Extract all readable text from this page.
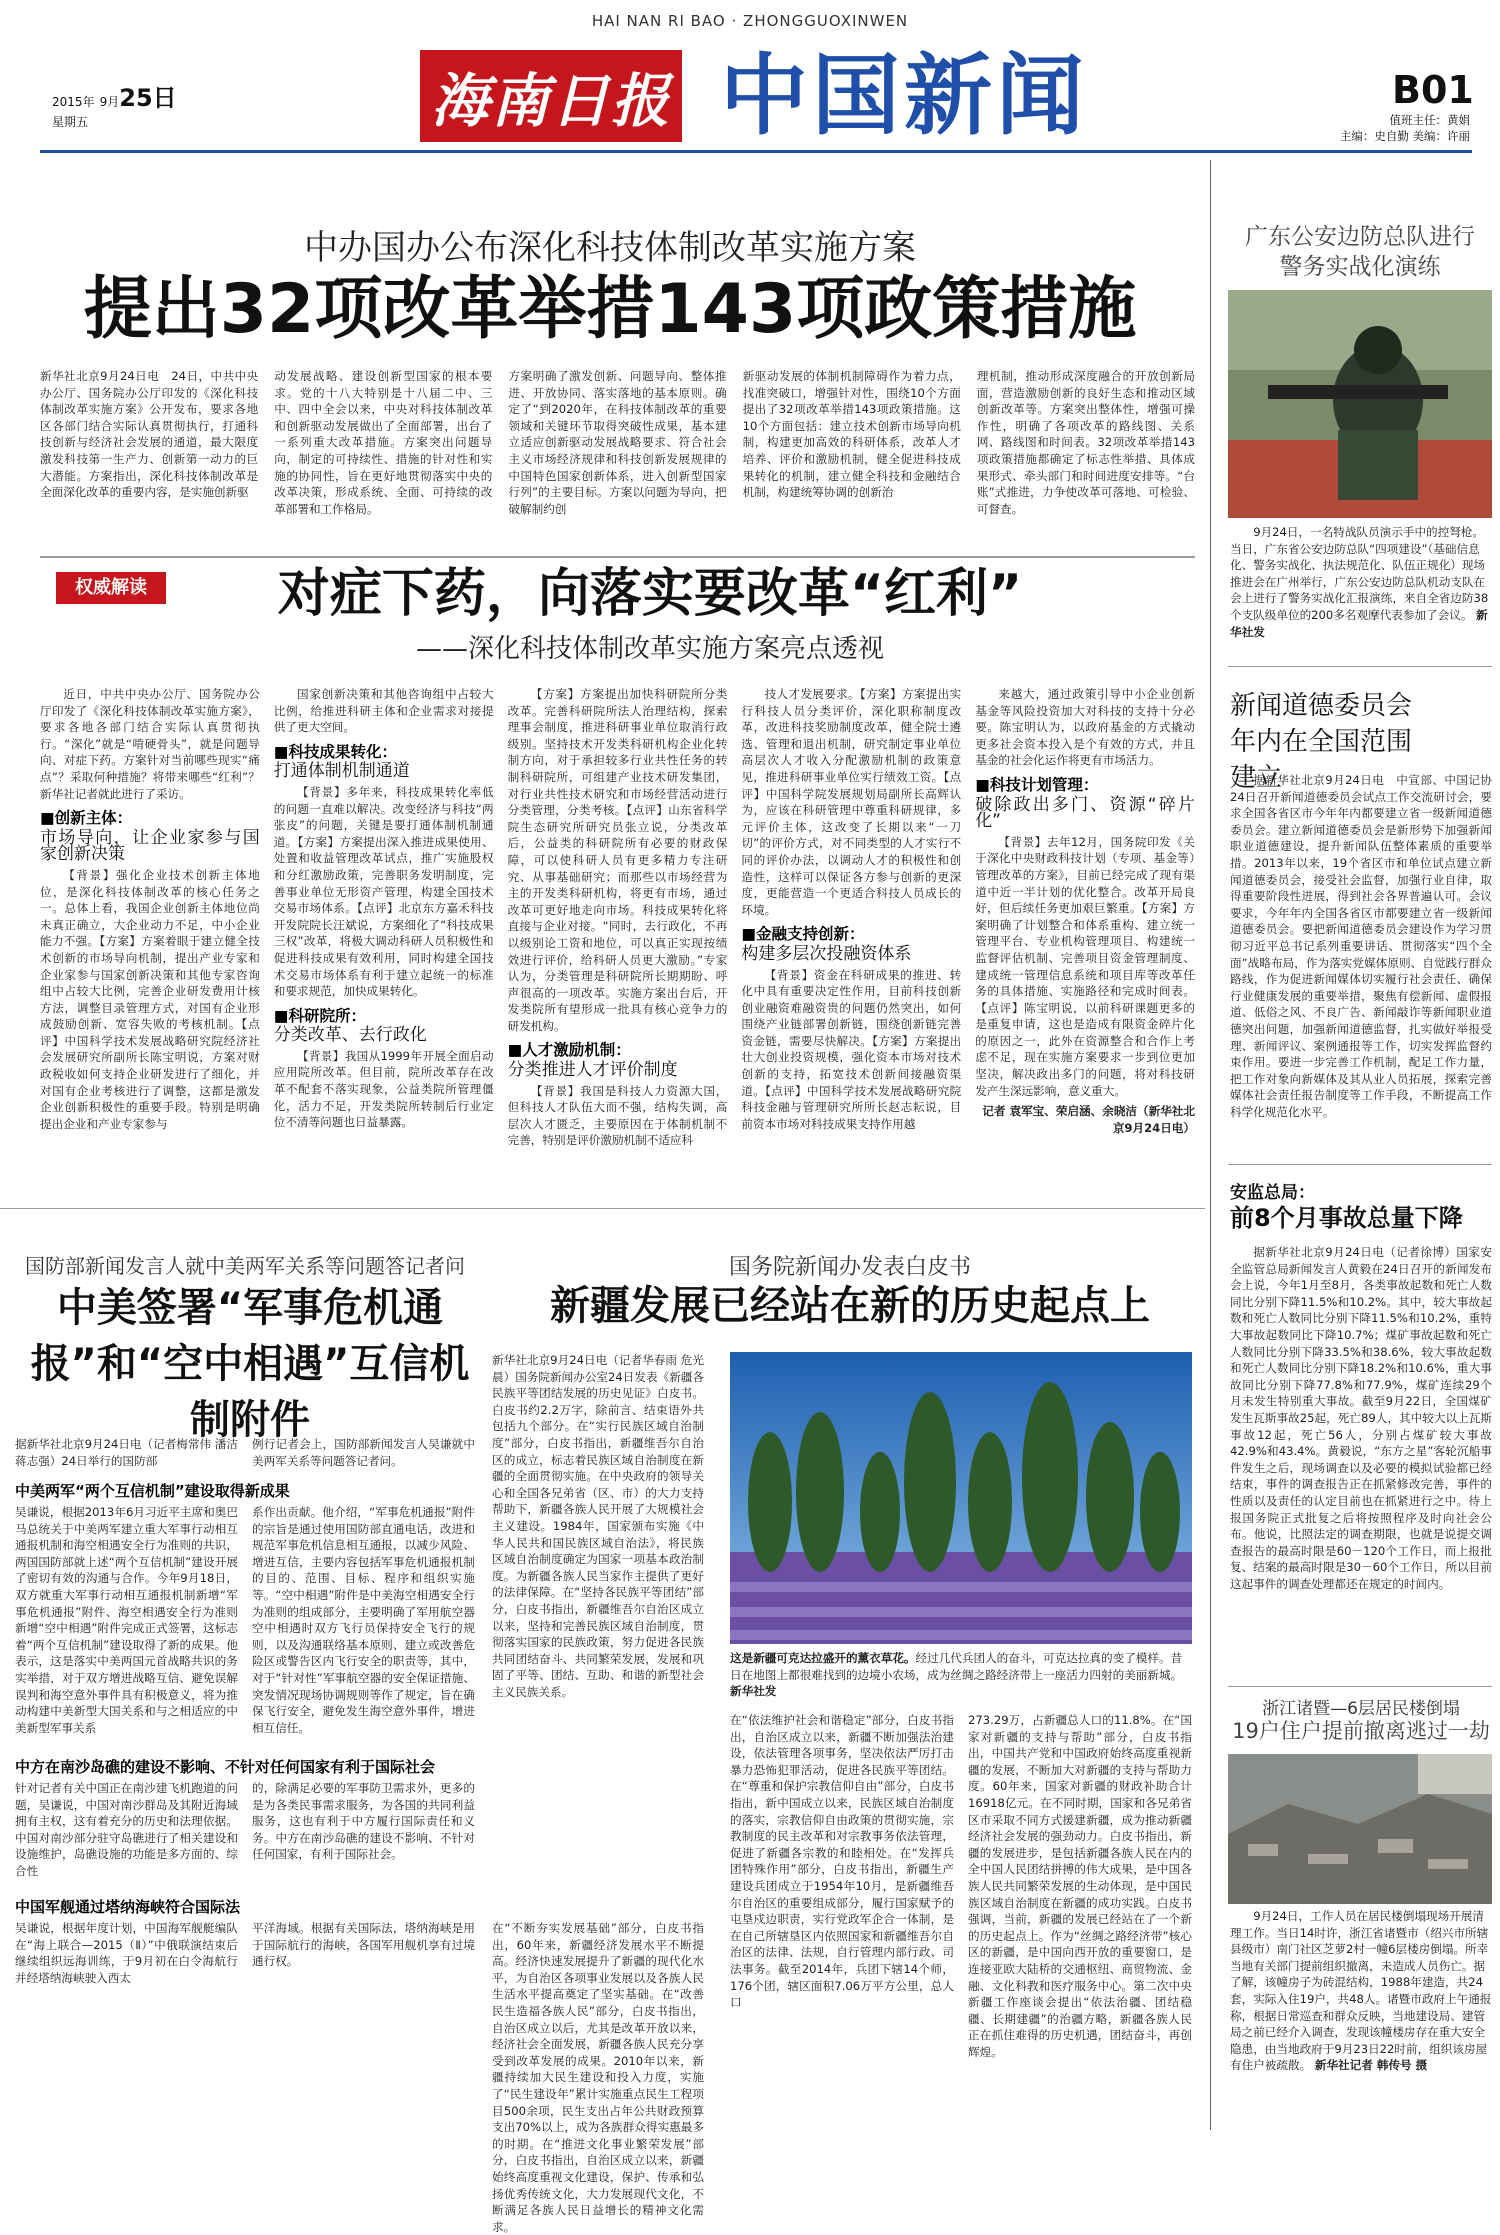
HAI NAN RI BAO · ZHONGGUOXINWEN
2015年 9月25日
星期五	海南日报 中国新闻	B01
值班主任：黄娟
主编：史自勤 美编：许丽
中办国办公布深化科技体制改革实施方案
提出32项改革举措143项政策措施
新华社北京9月24日电　24日，中共中央办公厅、国务院办公厅印发的《深化科技体制改革实施方案》公开发布，要求各地区各部门结合实际认真贯彻执行，打通科技创新与经济社会发展的通道，最大限度激发科技第一生产力、创新第一动力的巨大潜能。方案指出，深化科技体制改革是全面深化改革的重要内容，是实施创新驱
动发展战略、建设创新型国家的根本要求。党的十八大特别是十八届二中、三中、四中全会以来，中央对科技体制改革和创新驱动发展做出了全面部署，出台了一系列重大改革措施。方案突出问题导向，制定的可持续性、措施的针对性和实施的协同性，旨在更好地贯彻落实中央的改革决策，形成系统、全面、可持续的改革部署和工作格局。
方案明确了激发创新、问题导向、整体推进、开放协同、落实落地的基本原则。确定了“到2020年，在科技体制改革的重要领域和关键环节取得突破性成果，基本建立适应创新驱动发展战略要求、符合社会主义市场经济规律和科技创新发展规律的中国特色国家创新体系，进入创新型国家行列”的主要目标。方案以问题为导向，把破解制约创
新驱动发展的体制机制障碍作为着力点，找准突破口，增强针对性，围绕10个方面提出了32项改革举措143项政策措施。这10个方面包括：建立技术创新市场导向机制，构建更加高效的科研体系，改革人才培养、评价和激励机制，健全促进科技成果转化的机制，建立健全科技和金融结合机制，构建统筹协调的创新治
理机制，推动形成深度融合的开放创新局面，营造激励创新的良好生态和推动区域创新改革等。方案突出整体性，增强可操作性，明确了各项改革的路线图、关系网、路线图和时间表。32项改革举措143项政策措施都确定了标志性举措、具体成果形式、牵头部门和时间进度安排等。“台账”式推进，力争使改革可落地、可检验、可督查。
权威解读	对症下药，向落实要改革“红利”
——深化科技体制改革实施方案亮点透视

近日，中共中央办公厅、国务院办公厅印发了《深化科技体制改革实施方案》，要求各地各部门结合实际认真贯彻执行。“深化”就是“啃硬骨头”，就是问题导向、对症下药。方案针对当前哪些现实“痛点”？采取何种措施？将带来哪些“红利”？新华社记者就此进行了采访。

■创新主体：
市场导向，让企业家参与国家创新决策

【背景】强化企业技术创新主体地位，是深化科技体制改革的核心任务之一。总体上看，我国企业创新主体地位尚未真正确立，大企业动力不足，中小企业能力不强。【方案】方案着眼于建立健全技术创新的市场导向机制，提出产业专家和企业家参与国家创新决策和其他专家咨询组中占较大比例，完善企业研发费用计核方法，调整目录管理方式，对国有企业形成鼓励创新、宽容失败的考核机制。【点评】中国科学技术发展战略研究院经济社会发展研究所副所长陈宝明说，方案对财政税收如何支持企业研发进行了细化，并对国有企业考核进行了调整，这都是激发企业创新积极性的重要手段。特别是明确提出企业和产业专家参与

国家创新决策和其他咨询组中占较大比例，给推进科研主体和企业需求对接提供了更大空间。

■科技成果转化：
打通体制机制通道

【背景】多年来，科技成果转化率低的问题一直难以解决。改变经济与科技“两张皮”的问题，关键是要打通体制机制通道。【方案】方案提出深入推进成果使用、处置和收益管理改革试点，推广实施股权和分红激励政策，完善职务发明制度，完善事业单位无形资产管理，构建全国技术交易市场体系。【点评】北京东方嘉禾科技开发院院长汪斌说，方案细化了“科技成果三权”改革，将极大调动科研人员积极性和促进科技成果有效利用，同时构建全国技术交易市场体系有利于建立起统一的标准和要求规范，加快成果转化。

■科研院所：
分类改革、去行政化

【背景】我国从1999年开展全面启动应用院所改革。但目前，院所改革存在改革不配套不落实现象，公益类院所管理僵化，活力不足，开发类院所转制后行业定位不清等问题也日益暴露。

【方案】方案提出加快科研院所分类改革。完善科研院所法人治理结构，探索理事会制度，推进科研事业单位取消行政级别。坚持技术开发类科研机构企业化转制方向，对于承担较多行业共性任务的转制科研院所，可组建产业技术研发集团，对行业共性技术研究和市场经营活动进行分类管理，分类考核。【点评】山东省科学院生态研究所研究员张立说，分类改革后，公益类的科研院所有必要的财政保障，可以使科研人员有更多精力专注研究、从事基础研究；而那些以市场经营为主的开发类科研机构，将更有市场，通过改革可更好地走向市场。科技成果转化将直接与企业对接。“同时，去行政化，不再以级别论工资和地位，可以真正实现按绩效进行评价，给科研人员更大激励。”专家认为，分类管理是科研院所长期期盼、呼声很高的一项改革。实施方案出台后，开发类院所有望形成一批具有核心竞争力的研发机构。

■人才激励机制：
分类推进人才评价制度

【背景】我国是科技人力资源大国，但科技人才队伍大而不强，结构失调，高层次人才匮乏，主要原因在于体制机制不完善，特别是评价激励机制不适应科

技人才发展要求。【方案】方案提出实行科技人员分类评价，深化职称制度改革，改进科技奖励制度改革，健全院士遴选、管理和退出机制，研究制定事业单位高层次人才收入分配激励机制的政策意见，推进科研事业单位实行绩效工资。【点评】中国科学院发展规划局副所长高辉认为，应该在科研管理中尊重科研规律，多元评价主体，这改变了长期以来“一刀切”的评价方式，对不同类型的人才实行不同的评价办法，以调动人才的积极性和创造性，这样可以保证各方参与创新的更深度，更能营造一个更适合科技人员成长的环境。

■金融支持创新：
构建多层次投融资体系

【背景】资金在科研成果的推进、转化中具有重要决定性作用，目前科技创新创业融资难融资贵的问题仍然突出，如何围绕产业链部署创新链，围绕创新链完善资金链，需要尽快解决。【方案】方案提出壮大创业投资规模，强化资本市场对技术创新的支持，拓宽技术创新间接融资渠道。【点评】中国科学技术发展战略研究院科技金融与管理研究所所长赵志耘说，目前资本市场对科技成果支持作用越

来越大，通过政策引导中小企业创新基金等风险投资加大对科技的支持十分必要。陈宝明认为，以政府基金的方式撬动更多社会资本投入是个有效的方式，并且基金的社会化运作将更有市场活力。

■科技计划管理：
破除政出多门、资源“碎片化”

【背景】去年12月，国务院印发《关于深化中央财政科技计划（专项、基金等）管理改革的方案》，目前已经完成了现有渠道中近一半计划的优化整合。改革开局良好，但后续任务更加艰巨繁重。【方案】方案明确了计划整合和体系重构、建立统一管理平台、专业机构管理项目、构建统一监督评估机制、完善项目资金管理制度、建成统一管理信息系统和项目库等改革任务的具体措施、实施路径和完成时间表。【点评】陈宝明说，以前科研课题更多的是重复申请，这也是造成有限资金碎片化的原因之一，此外在资源整合和合作上考虑不足，现在实施方案要求一步到位更加坚决，解决政出多门的问题，将对科技研发产生深远影响，意义重大。

记者 袁军宝、荣启涵、余晓洁（新华社北京9月24日电）

国防部新闻发言人就中美两军关系等问题答记者问
中美签署“军事危机通报”和“空中相遇”互信机制附件
据新华社北京9月24日电（记者梅常伟 潘洁 蒋志强）24日举行的国防部
例行记者会上，国防部新闻发言人吴谦就中美两军关系等问题答记者问。
中美两军“两个互信机制”建设取得新成果
吴谦说，根据2013年6月习近平主席和奥巴马总统关于中美两军建立重大军事行动相互通报机制和海空相遇安全行为准则的共识，两国国防部就上述“两个互信机制”建设开展了密切有效的沟通与合作。今年9月18日，双方就重大军事行动相互通报机制新增“军事危机通报”附件、海空相遇安全行为准则新增“空中相遇”附件完成正式签署，这标志着“两个互信机制”建设取得了新的成果。他表示，这是落实中美两国元首战略共识的务实举措，对于双方增进战略互信、避免误解误判和海空意外事件具有积极意义，将为推动构建中美新型大国关系和与之相适应的中美新型军事关系
系作出贡献。他介绍，“军事危机通报”附件的宗旨是通过使用国防部直通电话，改进和规范军事危机信息相互通报，以减少风险、增进互信，主要内容包括军事危机通报机制的目的、范围、目标、程序和组织实施等。“空中相遇”附件是中美海空相遇安全行为准则的组成部分，主要明确了军用航空器空中相遇时双方飞行员保持安全飞行的规则，以及沟通联络基本原则、建立或改善危险区或警告区内飞行安全的职责等，其中，对于“针对性”军事航空器的安全保证措施、突发情况现场协调规则等作了规定，旨在确保飞行安全，避免发生海空意外事件，增进相互信任。
中方在南沙岛礁的建设不影响、不针对任何国家有利于国际社会
针对记者有关中国正在南沙建飞机跑道的问题，吴谦说，中国对南沙群岛及其附近海域拥有主权，这有着充分的历史和法理依据。中国对南沙部分驻守岛礁进行了相关建设和设施维护，岛礁设施的功能是多方面的、综合性
的，除满足必要的军事防卫需求外，更多的是为各类民事需求服务，为各国的共同利益服务，这也有利于中方履行国际责任和义务。中方在南沙岛礁的建设不影响、不针对任何国家，有利于国际社会。
中国军舰通过塔纳海峡符合国际法
吴谦说，根据年度计划，中国海军舰艇编队在“海上联合—2015（Ⅱ）”中俄联演结束后继续组织远海训练，于9月初在白令海航行并经塔纳海峡驶入西太
平洋海域。根据有关国际法，塔纳海峡是用于国际航行的海峡，各国军用舰机享有过境通行权。
国务院新闻办发表白皮书
新疆发展已经站在新的历史起点上
新华社北京9月24日电（记者华春雨 危光晨）国务院新闻办公室24日发表《新疆各民族平等团结发展的历史见证》白皮书。白皮书约2.2万字，除前言、结束语外共包括九个部分。在“实行民族区域自治制度”部分，白皮书指出，新疆维吾尔自治区的成立，标志着民族区域自治制度在新疆的全面贯彻实施。在中央政府的领导关心和全国各兄弟省（区、市）的大力支持帮助下，新疆各族人民开展了大规模社会主义建设。1984年，国家颁布实施《中华人民共和国民族区域自治法》，将民族区域自治制度确定为国家一项基本政治制度。为新疆各族人民当家作主提供了更好的法律保障。在“坚持各民族平等团结”部分，白皮书指出，新疆维吾尔自治区成立以来，坚持和完善民族区域自治制度，贯彻落实国家的民族政策，努力促进各民族共同团结奋斗、共同繁荣发展，发展和巩固了平等、团结、互助、和谐的新型社会主义民族关系。
这是新疆可克达拉盛开的薰衣草花。经过几代兵团人的奋斗，可克达拉真的变了模样。昔日在地图上都很难找到的边境小农场，成为丝绸之路经济带上一座活力四射的美丽新城。新华社发
在“依法维护社会和谐稳定”部分，白皮书指出，自治区成立以来，新疆不断加强法治建设，依法管理各项事务，坚决依法严厉打击暴力恐怖犯罪活动，促进各民族平等团结。在“尊重和保护宗教信仰自由”部分，白皮书指出，新中国成立以来，民族区域自治制度的落实，宗教信仰自由政策的贯彻实施，宗教制度的民主改革和对宗教事务依法管理，促进了新疆各宗教的和睦相处。在“发挥兵团特殊作用”部分，白皮书指出，新疆生产建设兵团成立于1954年10月，是新疆维吾尔自治区的重要组成部分，履行国家赋予的屯垦戍边职责，实行党政军企合一体制，是在自己所辖垦区内依照国家和新疆维吾尔自治区的法律、法规，自行管理内部行政、司法事务。截至2014年，兵团下辖14个师，176个团，辖区面积7.06万平方公里，总人口
273.29万，占新疆总人口的11.8%。在“国家对新疆的支持与帮助”部分，白皮书指出，中国共产党和中国政府始终高度重视新疆的发展，不断加大对新疆的支持与帮助力度。60年来，国家对新疆的财政补助合计16918亿元。在不同时期，国家和各兄弟省区市采取不同方式援建新疆，成为推动新疆经济社会发展的强劲动力。白皮书指出，新疆的发展进步，是包括新疆各族人民在内的全中国人民团结拼搏的伟大成果，是中国各族人民共同繁荣发展的生动体现，是中国民族区域自治制度在新疆的成功实践。白皮书强调，当前，新疆的发展已经站在了一个新的历史起点上。作为“丝绸之路经济带”核心区的新疆，是中国向西开放的重要窗口，是连接亚欧大陆桥的交通枢纽、商贸物流、金融、文化科教和医疗服务中心。第二次中央新疆工作座谈会提出“依法治疆、团结稳疆、长期建疆”的治疆方略，新疆各族人民正在抓住难得的历史机遇，团结奋斗，再创辉煌。
在“不断夯实发展基础”部分，白皮书指出，60年来，新疆经济发展水平不断提高。经济快速发展提升了新疆的现代化水平，为自治区各项事业发展以及各族人民生活水平提高奠定了坚实基础。在“改善民生造福各族人民”部分，白皮书指出，自治区成立以后，尤其是改革开放以来，经济社会全面发展，新疆各族人民充分享受到改革发展的成果。2010年以来，新疆持续加大民生建设和投入力度，实施了“民生建设年”累计实施重点民生工程项目500余项，民生支出占年公共财政预算支出70%以上，成为各族群众得实惠最多的时期。在“推进文化事业繁荣发展”部分，白皮书指出，自治区成立以来，新疆始终高度重视文化建设，保护、传承和弘扬优秀传统文化，大力发展现代文化，不断满足各族人民日益增长的精神文化需求。
广东公安边防总队进行警务实战化演练
9月24日，一名特战队员演示手中的控弩枪。当日，广东省公安边防总队“四项建设”（基础信息化、警务实战化、执法规范化、队伍正规化）现场推进会在广州举行，广东公安边防总队机动支队在会上进行了警务实战化汇报演练，来自全省边防38个支队级单位的200多名观摩代表参加了会议。 新华社发
新闻道德委员会年内在全国范围建立
据新华社北京9月24日电　中宣部、中国记协24日召开新闻道德委员会试点工作交流研讨会，要求全国各省区市今年年内都要建立省一级新闻道德委员会。建立新闻道德委员会是新形势下加强新闻职业道德建设，提升新闻队伍整体素质的重要举措。2013年以来，19个省区市和单位试点建立新闻道德委员会，接受社会监督，加强行业自律，取得重要阶段性进展，得到社会各界普遍认可。会议要求，今年年内全国各省区市都要建立省一级新闻道德委员会。要把新闻道德委员会建设作为学习贯彻习近平总书记系列重要讲话、贯彻落实“四个全面”战略布局，作为落实党媒体原则、自觉践行群众路线，作为促进新闻媒体切实履行社会责任、确保行业健康发展的重要举措，聚焦有偿新闻、虚假报道、低俗之风、不良广告、新闻敲诈等新闻职业道德突出问题，加强新闻道德监督，扎实做好举报受理、新闻评议、案例通报等工作，切实发挥监督约束作用。要进一步完善工作机制，配足工作力量，把工作对象向新媒体及其从业人员拓展，探索完善媒体社会责任报告制度等工作手段，不断提高工作科学化规范化水平。
安监总局：
前8个月事故总量下降
据新华社北京9月24日电（记者徐博）国家安全监管总局新闻发言人黄毅在24日召开的新闻发布会上说，今年1月至8月，各类事故起数和死亡人数同比分别下降11.5%和10.2%。其中，较大事故起数和死亡人数同比分别下降11.5%和10.2%，重特大事故起数同比下降10.7%；煤矿事故起数和死亡人数同比分别下降33.5%和38.6%，较大事故起数和死亡人数同比分别下降18.2%和10.6%，重大事故同比分别下降77.8%和77.9%，煤矿连续29个月未发生特别重大事故。截至9月22日，全国煤矿发生瓦斯事故25起，死亡89人，其中较大以上瓦斯事故12起，死亡56人，分别占煤矿较大事故42.9%和43.4%。黄毅说，“东方之星”客轮沉船事件发生之后，现场调查以及必要的模拟试验都已经结束，事件的调查报告正在抓紧修改完善，事件的性质以及责任的认定目前也在抓紧进行之中。待上报国务院正式批复之后将按照程序及时向社会公布。他说，比照法定的调查期限，也就是说提交调查报告的最高时限是60－120个工作日，而上报批复、结案的最高时限是30－60个工作日，所以目前这起事件的调查处理都还在规定的时间内。
浙江诸暨—6层居民楼倒塌
19户住户提前撤离逃过一劫
9月24日，工作人员在居民楼倒塌现场开展清理工作。当日14时许，浙江省诸暨市（绍兴市所辖县级市）南门社区芝萝2村一幢6层楼房倒塌。所幸当地有关部门提前组织撤离，未造成人员伤亡。据了解，该幢房子为砖混结构，1988年建造，共24套，实际入住19户，共48人。诸暨市政府上午通报称，根据日常巡查和群众反映，当地建设局、建管局之前已经介入调查，发现该幢楼房存在重大安全隐患，由当地政府于9月23日22时前，组织该房屋有住户被疏散。 新华社记者 韩传号 摄
